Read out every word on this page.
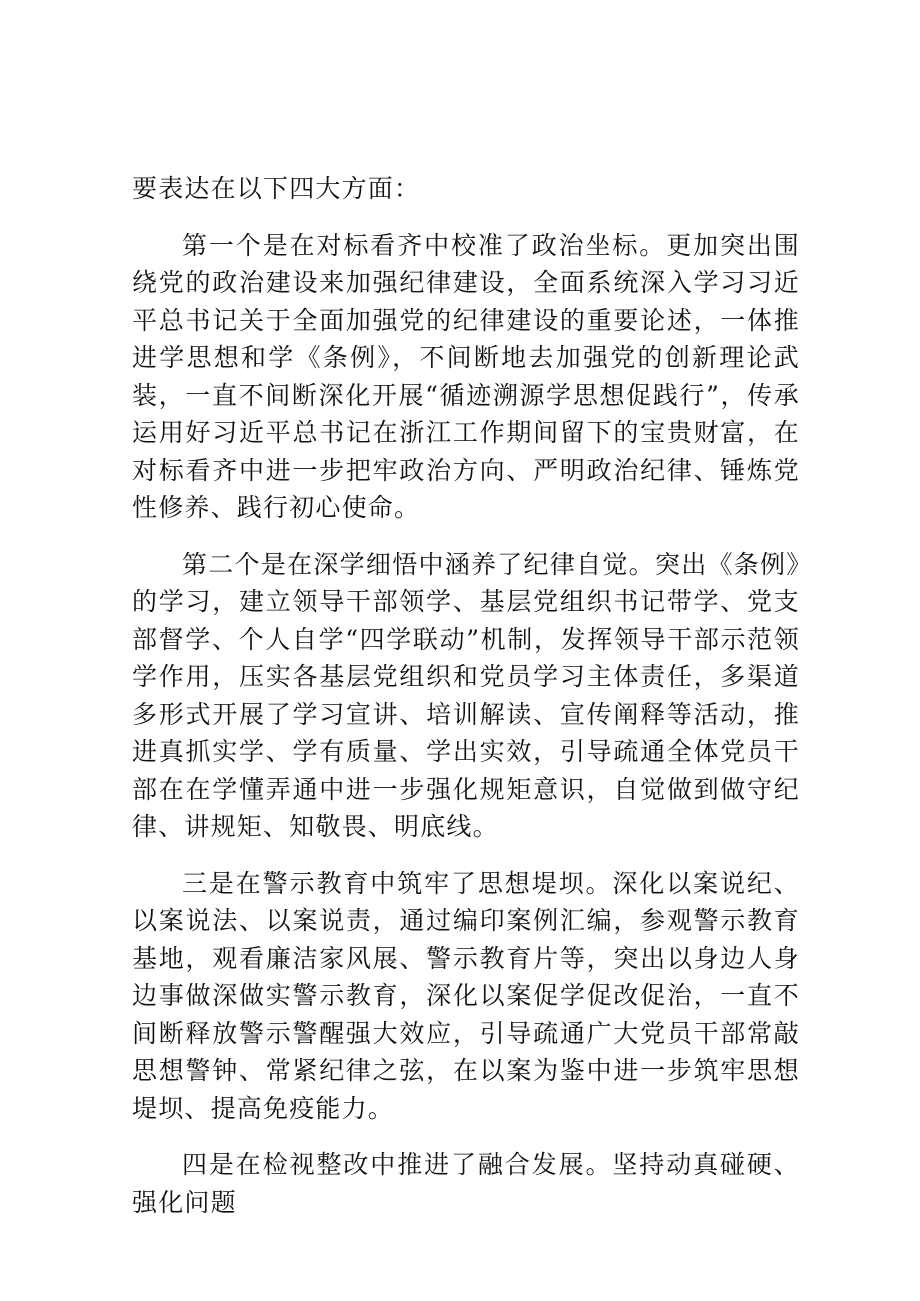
要表达在以下四大方面：

第一个是在对标看齐中校准了政治坐标。更加突出围绕党的政治建设来加强纪律建设，全面系统深入学习习近平总书记关于全面加强党的纪律建设的重要论述，一体推进学思想和学《条例》，不间断地去加强党的创新理论武装，一直不间断深化开展“循迹溯源学思想促践行”，传承运用好习近平总书记在浙江工作期间留下的宝贵财富，在对标看齐中进一步把牢政治方向、严明政治纪律、锤炼党性修养、践行初心使命。

第二个是在深学细悟中涵养了纪律自觉。突出《条例》的学习，建立领导干部领学、基层党组织书记带学、党支部督学、个人自学“四学联动”机制，发挥领导干部示范领学作用，压实各基层党组织和党员学习主体责任，多渠道多形式开展了学习宣讲、培训解读、宣传阐释等活动，推进真抓实学、学有质量、学出实效，引导疏通全体党员干部在在学懂弄通中进一步强化规矩意识，自觉做到做守纪律、讲规矩、知敬畏、明底线。

三是在警示教育中筑牢了思想堤坝。深化以案说纪、以案说法、以案说责，通过编印案例汇编，参观警示教育基地，观看廉洁家风展、警示教育片等，突出以身边人身边事做深做实警示教育，深化以案促学促改促治，一直不间断释放警示警醒强大效应，引导疏通广大党员干部常敲思想警钟、常紧纪律之弦，在以案为鉴中进一步筑牢思想堤坝、提高免疫能力。

四是在检视整改中推进了融合发展。坚持动真碰硬、强化问题
